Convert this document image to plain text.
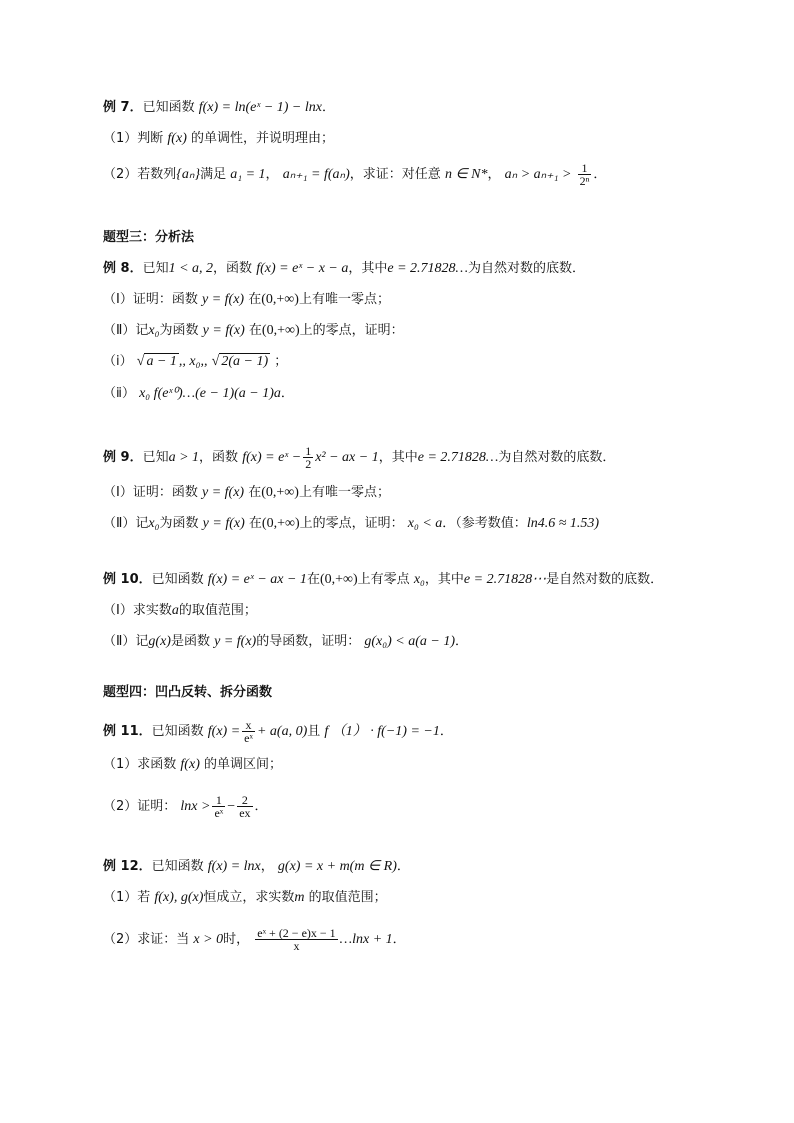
例 7．已知函数 f(x) = ln(eˣ − 1) − lnx．
（1）判断 f(x) 的单调性，并说明理由；
（2）若数列{aₙ}满足 a₁ = 1， aₙ₊₁ = f(aₙ)，求证：对任意 n ∈ N*， $a_n > a_{n+1} > \frac{1}{\text{2ⁿ}}$ ．
题型三：分析法
例 8．已知1 < a, 2，函数 f(x) = eˣ − x − a，其中e = 2.71828…为自然对数的底数．
（Ⅰ）证明：函数 y = f(x) 在(0,+∞)上有唯一零点；
（Ⅱ）记x₀为函数 y = f(x) 在(0,+∞)上的零点，证明：
（ⅰ） √ a − 1 ,, x₀,, √ 2(a − 1) ；
（ⅱ） x₀ f(eˣ⁰)…(e − 1)(a − 1)a．
例 9．已知a > 1，函数 f(x) = eˣ − $\frac{1}{2} x^2$ − ax − 1，其中e = 2.71828…为自然对数的底数．
（Ⅰ）证明：函数 y = f(x) 在(0,+∞)上有唯一零点；
（Ⅱ）记x₀为函数 y = f(x) 在(0,+∞)上的零点，证明： x₀ < a．（参考数值：ln4.6 ≈ 1.53)
例 10．已知函数 f(x) = eˣ − ax − 1在(0,+∞)上有零点 x₀，其中e = 2.71828⋯是自然对数的底数．
（Ⅰ）求实数a的取值范围；
（Ⅱ）记g(x)是函数 y = f(x)的导函数，证明： g(x₀) < a(a − 1)．
题型四：凹凸反转、拆分函数
例 11．已知函数 $f(x) = \frac{x}{\text{eˣ}} + a(a$, 0)且 f （1） · f(−1) = −1．
（1）求函数 f(x) 的单调区间；
（2）证明： $\ln x > \frac{1}{\text{eˣ}} - \frac{2}{ex}$ ．
例 12．已知函数 f(x) = lnx， g(x) = x + m(m ∈ R)．
（1）若 f(x), g(x)恒成立，求实数m 的取值范围；
（2）求证：当 x > 0时， $\frac{\text{eˣ + (2 − e)x − 1}}{x}$ …lnx + 1．
